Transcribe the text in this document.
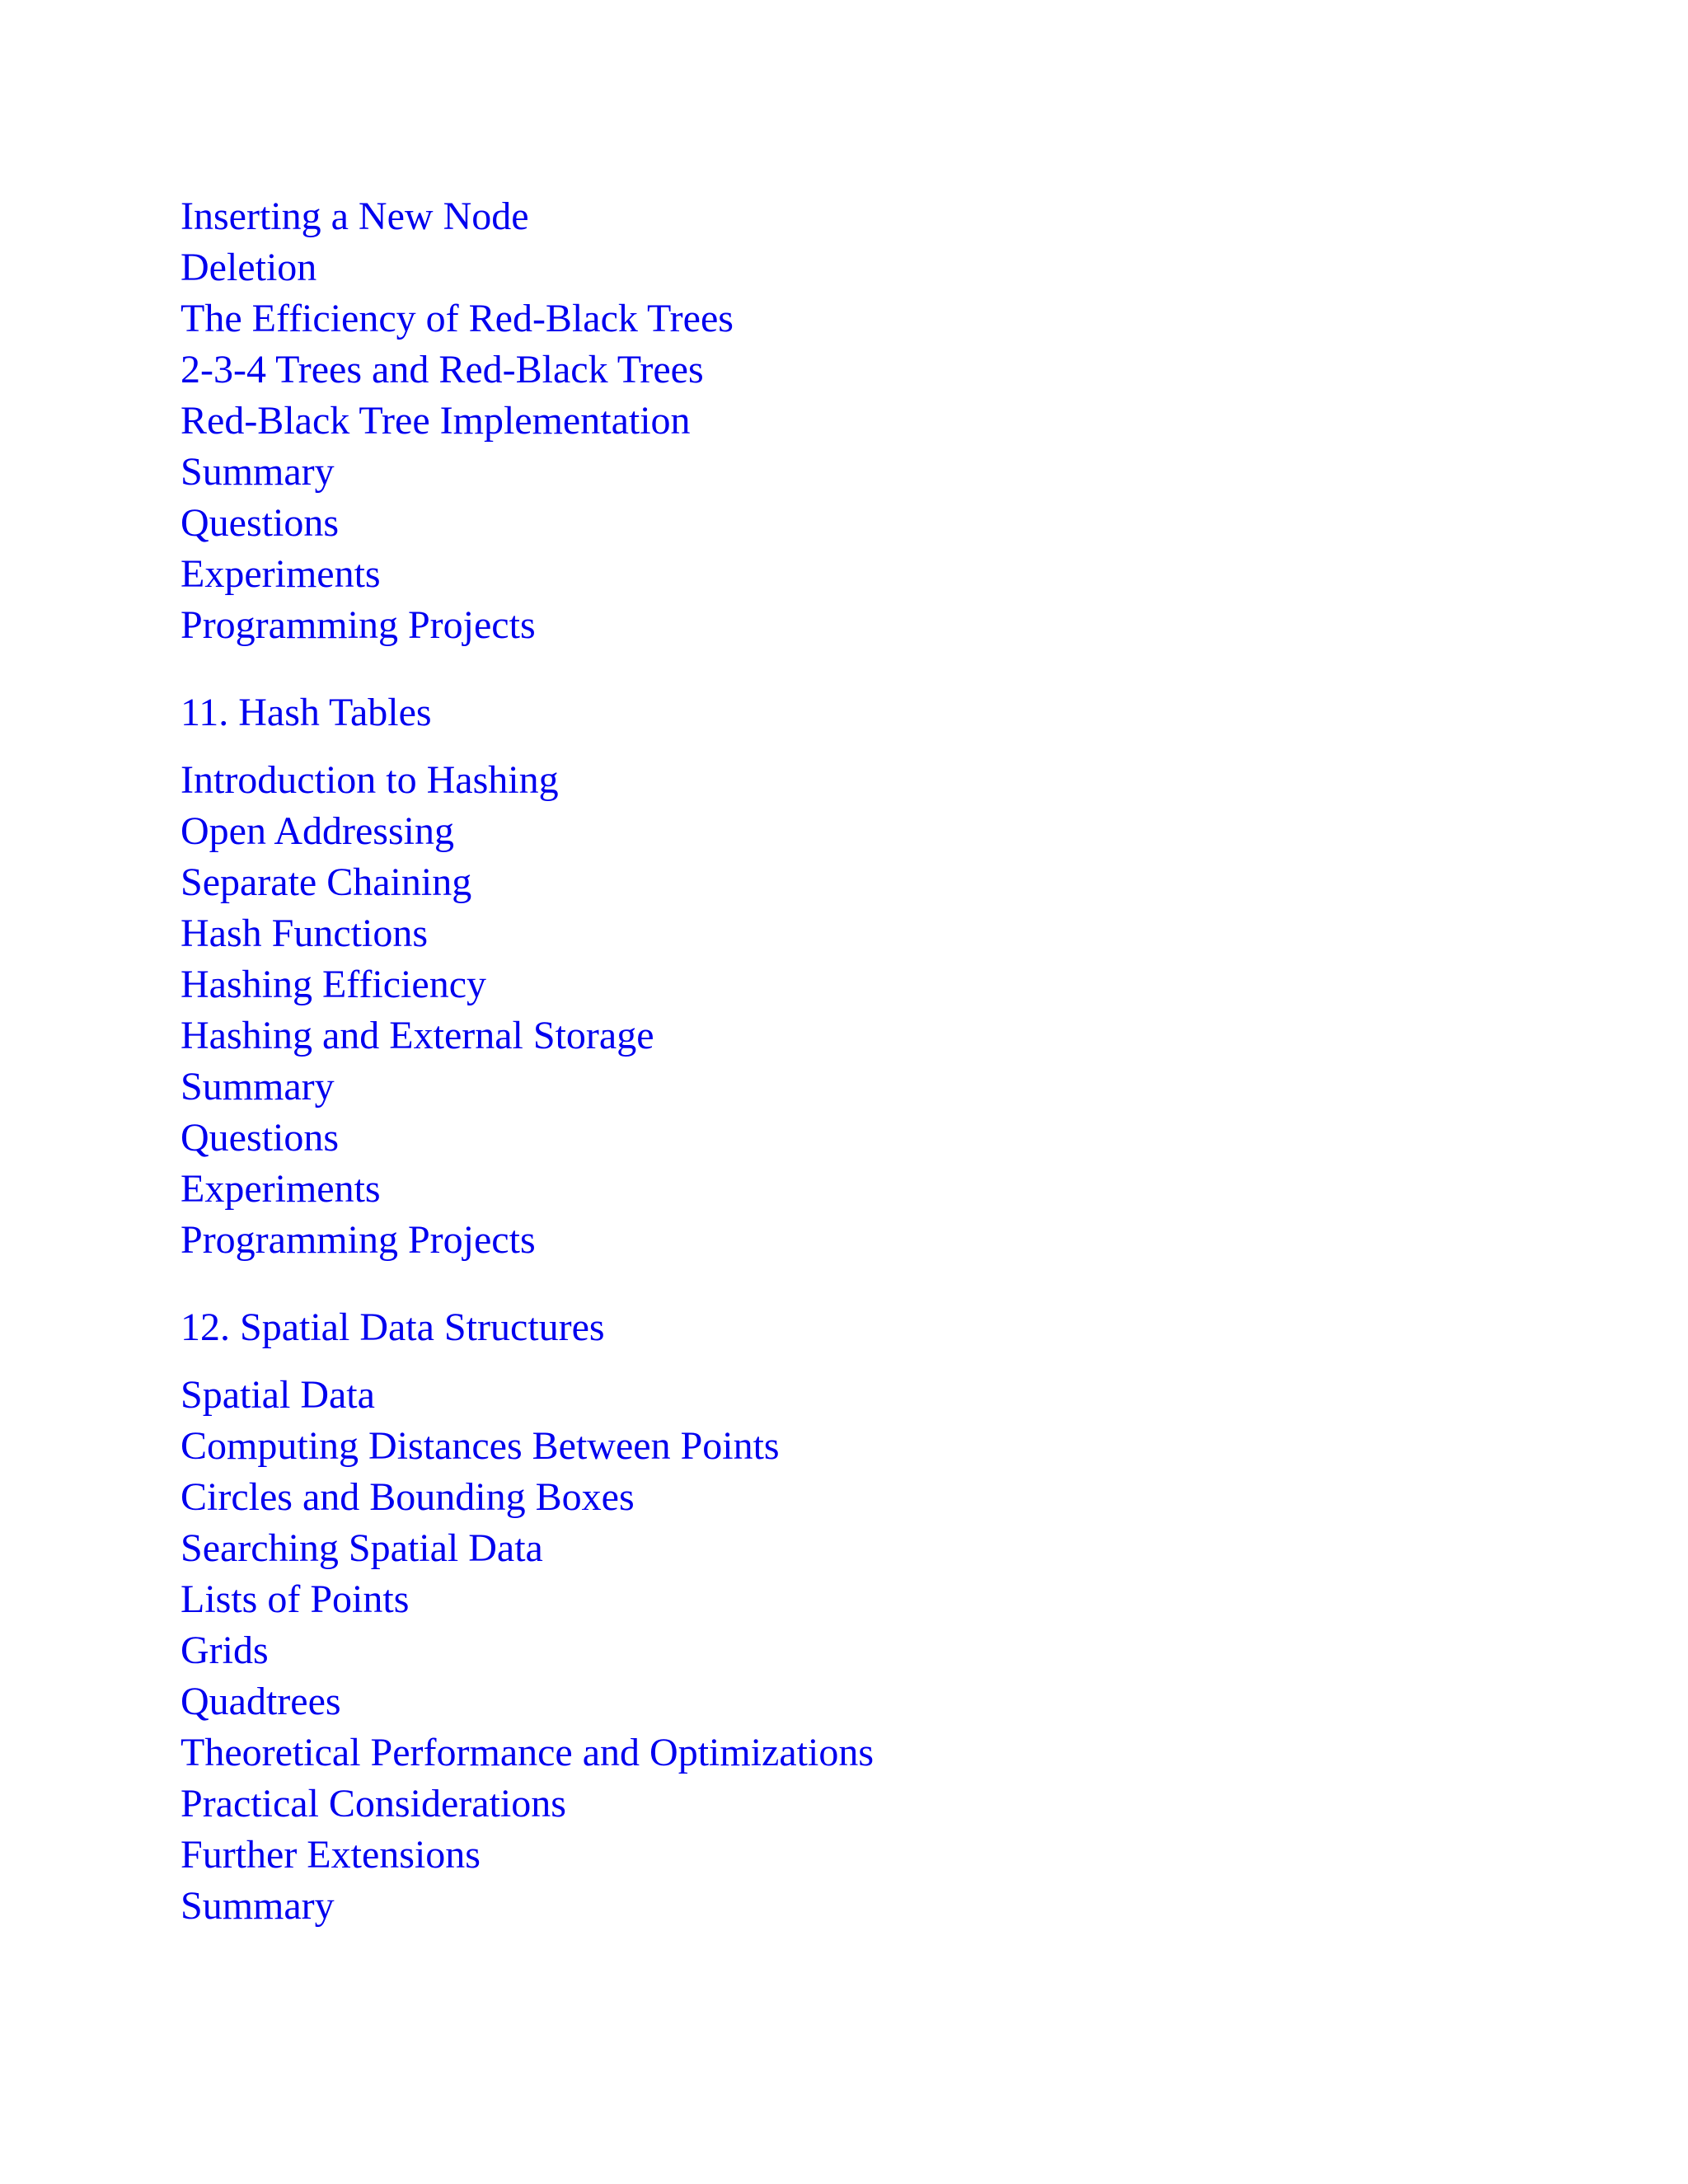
Inserting a New Node
Deletion
The Efficiency of Red-Black Trees
2-3-4 Trees and Red-Black Trees
Red-Black Tree Implementation
Summary
Questions
Experiments
Programming Projects
11. Hash Tables
Introduction to Hashing
Open Addressing
Separate Chaining
Hash Functions
Hashing Efficiency
Hashing and External Storage
Summary
Questions
Experiments
Programming Projects
12. Spatial Data Structures
Spatial Data
Computing Distances Between Points
Circles and Bounding Boxes
Searching Spatial Data
Lists of Points
Grids
Quadtrees
Theoretical Performance and Optimizations
Practical Considerations
Further Extensions
Summary
